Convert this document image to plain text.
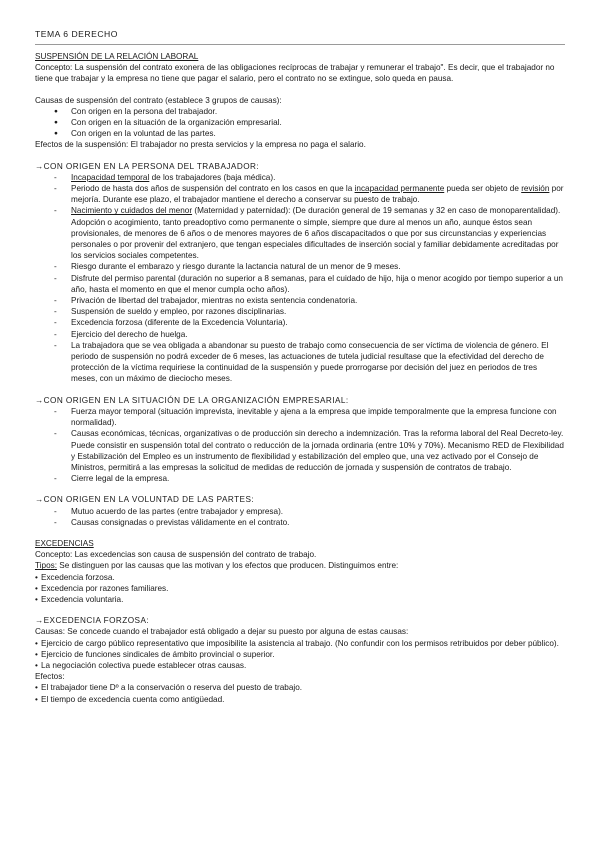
TEMA 6 DERECHO

SUSPENSIÓN DE LA RELACIÓN LABORAL

Concepto: La suspensión del contrato exonera de las obligaciones recíprocas de trabajar y remunerar el trabajo". Es decir, que el trabajador no tiene que trabajar y la empresa no tiene que pagar el salario, pero el contrato no se extingue, solo queda en pausa.

Causas de suspensión del contrato (establece 3 grupos de causas):

● Con origen en la persona del trabajador.
● Con origen en la situación de la organización empresarial.
● Con origen en la voluntad de las partes.

Efectos de la suspensión: El trabajador no presta servicios y la empresa no paga el salario.

→CON ORIGEN EN LA PERSONA DEL TRABAJADOR:

- Incapacidad temporal de los trabajadores (baja médica).
- Periodo de hasta dos años de suspensión del contrato en los casos en que la incapacidad permanente pueda ser objeto de revisión por mejoría. Durante ese plazo, el trabajador mantiene el derecho a conservar su puesto de trabajo.
- Nacimiento y cuidados del menor (Maternidad y paternidad): (De duración general de 19 semanas y 32 en caso de monoparentalidad).

Adopción o acogimiento, tanto preadoptivo como permanente o simple, siempre que dure al menos un año, aunque éstos sean provisionales, de menores de 6 años o de menores mayores de 6 años discapacitados o que por sus circunstancias y experiencias personales o por provenir del extranjero, que tengan especiales dificultades de inserción social y familiar debidamente acreditadas por los servicios sociales competentes.

- Riesgo durante el embarazo y riesgo durante la lactancia natural de un menor de 9 meses.
- Disfrute del permiso parental (duración no superior a 8 semanas, para el cuidado de hijo, hija o menor acogido por tiempo superior a un año, hasta el momento en que el menor cumpla ocho años).
- Privación de libertad del trabajador, mientras no exista sentencia condenatoria.
- Suspensión de sueldo y empleo, por razones disciplinarias.
- Excedencia forzosa (diferente de la Excedencia Voluntaria).
- Ejercicio del derecho de huelga.
- La trabajadora que se vea obligada a abandonar su puesto de trabajo como consecuencia de ser víctima de violencia de género. El periodo de suspensión no podrá exceder de 6 meses, las actuaciones de tutela judicial resultase que la efectividad del derecho de protección de la víctima requiriese la continuidad de la suspensión y puede prorrogarse por decisión del juez en periodos de tres meses, con un máximo de dieciocho meses.

→CON ORIGEN EN LA SITUACIÓN DE LA ORGANIZACIÓN EMPRESARIAL:

- Fuerza mayor temporal (situación imprevista, inevitable y ajena a la empresa que impide temporalmente que la empresa funcione con normalidad).
- Causas económicas, técnicas, organizativas o de producción sin derecho a indemnización. Tras la reforma laboral del Real Decreto-ley. Puede consistir en suspensión total del contrato o reducción de la jornada ordinaria (entre 10% y 70%). Mecanismo RED de Flexibilidad y Estabilización del Empleo es un instrumento de flexibilidad y estabilización del empleo que, una vez activado por el Consejo de Ministros, permitirá a las empresas la solicitud de medidas de reducción de jornada y suspensión de contratos de trabajo.
- Cierre legal de la empresa.

→CON ORIGEN EN LA VOLUNTAD DE LAS PARTES:

- Mutuo acuerdo de las partes (entre trabajador y empresa).
- Causas consignadas o previstas válidamente en el contrato.

EXCEDENCIAS

Concepto: Las excedencias son causa de suspensión del contrato de trabajo.

Tipos: Se distinguen por las causas que las motivan y los efectos que producen. Distinguimos entre:

• Excedencia forzosa.
• Excedencia por razones familiares.
• Excedencia voluntaria.

→EXCEDENCIA FORZOSA:

Causas: Se concede cuando el trabajador está obligado a dejar su puesto por alguna de estas causas:

• Ejercicio de cargo público representativo que imposibilite la asistencia al trabajo. (No confundir con los permisos retribuidos por deber público).
• Ejercicio de funciones sindicales de ámbito provincial o superior.
• La negociación colectiva puede establecer otras causas.

Efectos:

• El trabajador tiene Dº a la conservación o reserva del puesto de trabajo.
• El tiempo de excedencia cuenta como antigüedad.
